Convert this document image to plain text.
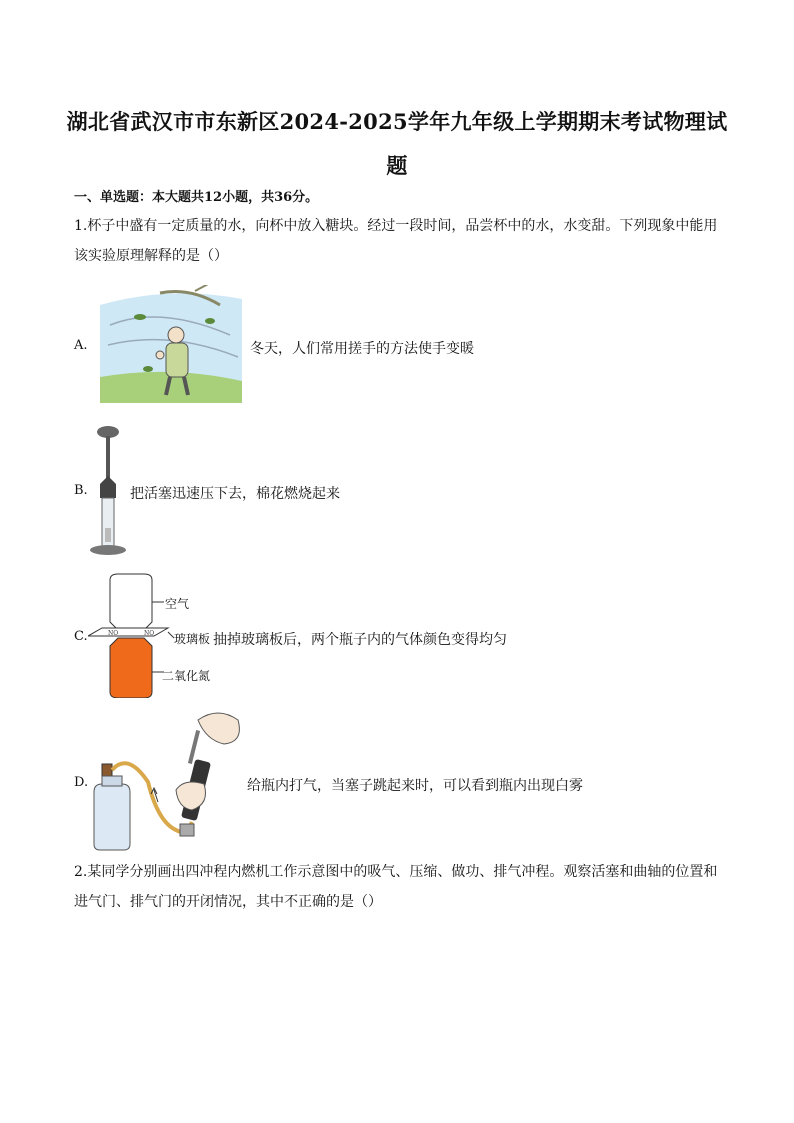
湖北省武汉市市东新区2024-2025学年九年级上学期期末考试物理试题
一、单选题：本大题共12小题，共36分。
1.杯子中盛有一定质量的水，向杯中放入糖块。经过一段时间，品尝杯中的水，水变甜。下列现象中能用该实验原理解释的是（）
A.	冬天，人们常用搓手的方法使手变暖
B.	把活塞迅速压下去，棉花燃烧起来
C.	NO	NO
空气
玻璃板
二氧化氮
抽掉玻璃板后，两个瓶子内的气体颜色变得均匀
D.	给瓶内打气，当塞子跳起来时，可以看到瓶内出现白雾
2.某同学分别画出四冲程内燃机工作示意图中的吸气、压缩、做功、排气冲程。观察活塞和曲轴的位置和进气门、排气门的开闭情况，其中不正确的是（）
